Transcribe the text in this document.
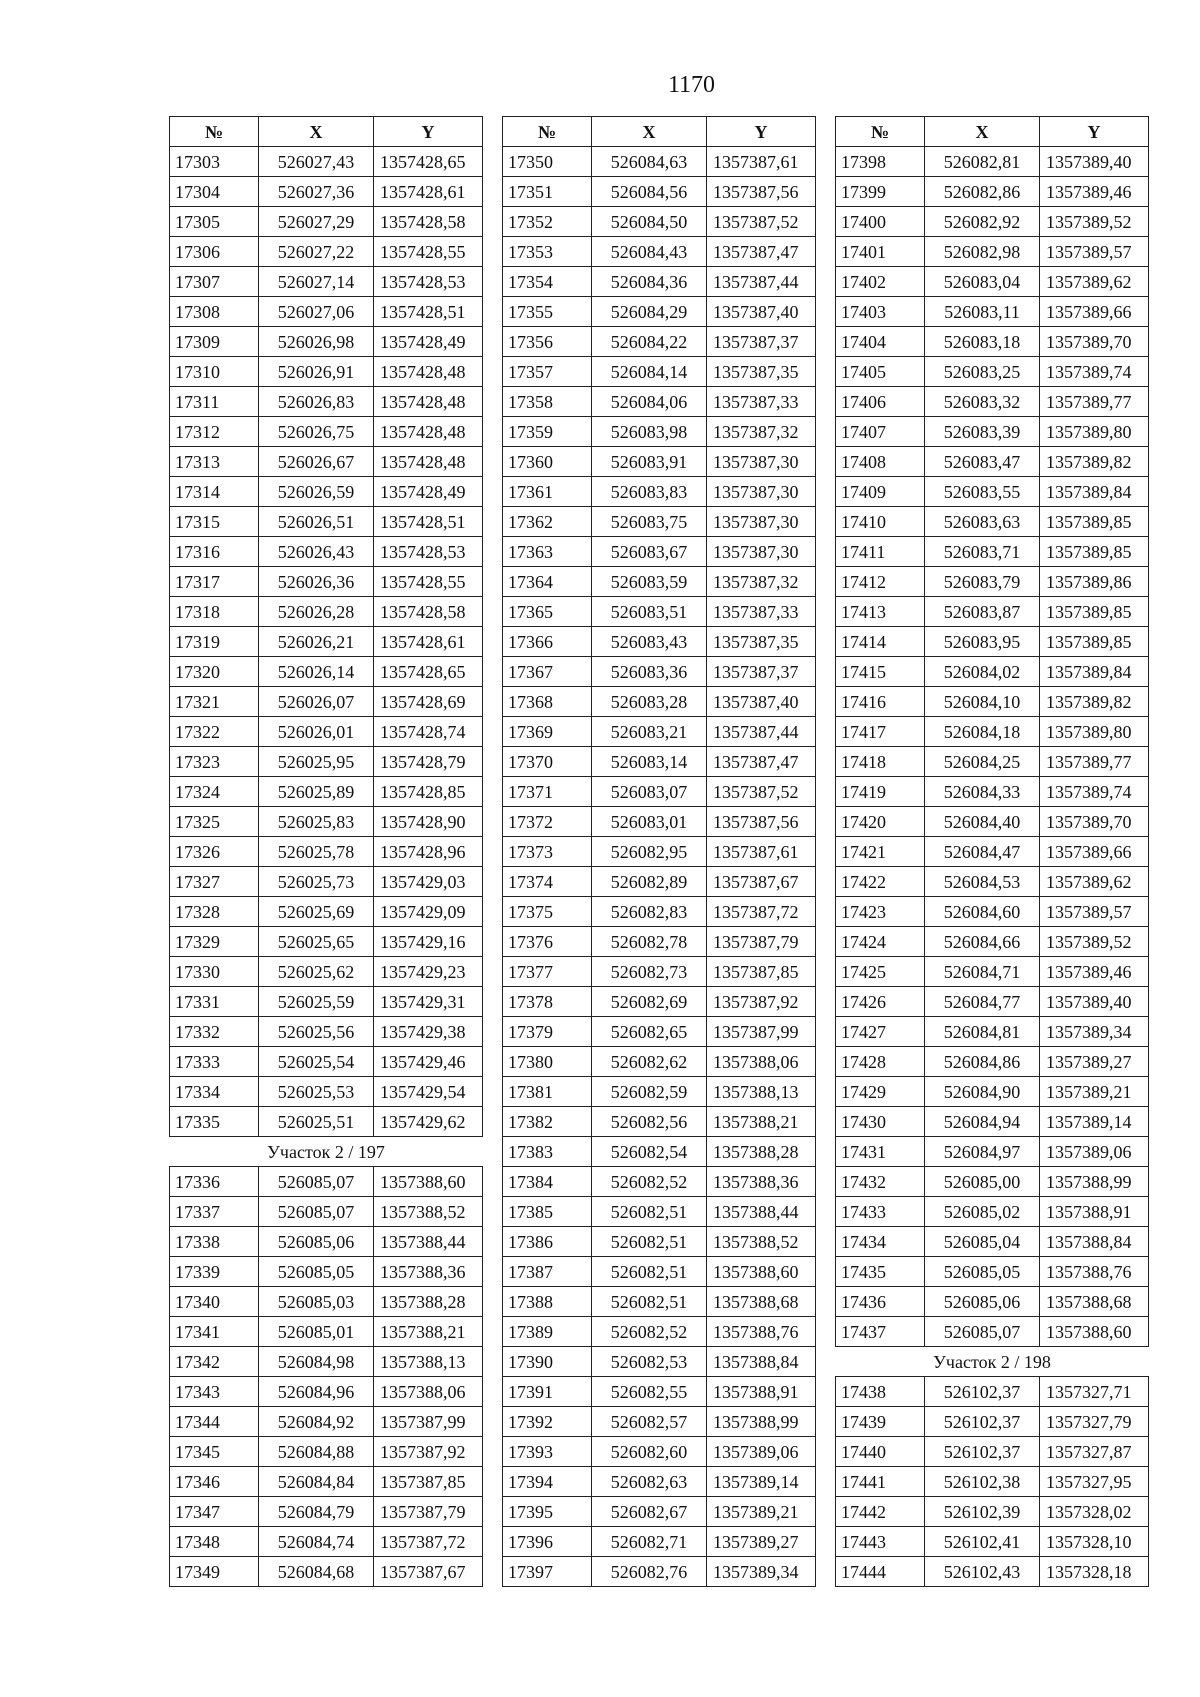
1170
№	X	Y
17303	526027,43	1357428,65
17304	526027,36	1357428,61
17305	526027,29	1357428,58
17306	526027,22	1357428,55
17307	526027,14	1357428,53
17308	526027,06	1357428,51
17309	526026,98	1357428,49
17310	526026,91	1357428,48
17311	526026,83	1357428,48
17312	526026,75	1357428,48
17313	526026,67	1357428,48
17314	526026,59	1357428,49
17315	526026,51	1357428,51
17316	526026,43	1357428,53
17317	526026,36	1357428,55
17318	526026,28	1357428,58
17319	526026,21	1357428,61
17320	526026,14	1357428,65
17321	526026,07	1357428,69
17322	526026,01	1357428,74
17323	526025,95	1357428,79
17324	526025,89	1357428,85
17325	526025,83	1357428,90
17326	526025,78	1357428,96
17327	526025,73	1357429,03
17328	526025,69	1357429,09
17329	526025,65	1357429,16
17330	526025,62	1357429,23
17331	526025,59	1357429,31
17332	526025,56	1357429,38
17333	526025,54	1357429,46
17334	526025,53	1357429,54
17335	526025,51	1357429,62
Участок 2 / 197		
17336	526085,07	1357388,60
17337	526085,07	1357388,52
17338	526085,06	1357388,44
17339	526085,05	1357388,36
17340	526085,03	1357388,28
17341	526085,01	1357388,21
17342	526084,98	1357388,13
17343	526084,96	1357388,06
17344	526084,92	1357387,99
17345	526084,88	1357387,92
17346	526084,84	1357387,85
17347	526084,79	1357387,79
17348	526084,74	1357387,72
17349	526084,68	1357387,67
№	X	Y
17350	526084,63	1357387,61
17351	526084,56	1357387,56
17352	526084,50	1357387,52
17353	526084,43	1357387,47
17354	526084,36	1357387,44
17355	526084,29	1357387,40
17356	526084,22	1357387,37
17357	526084,14	1357387,35
17358	526084,06	1357387,33
17359	526083,98	1357387,32
17360	526083,91	1357387,30
17361	526083,83	1357387,30
17362	526083,75	1357387,30
17363	526083,67	1357387,30
17364	526083,59	1357387,32
17365	526083,51	1357387,33
17366	526083,43	1357387,35
17367	526083,36	1357387,37
17368	526083,28	1357387,40
17369	526083,21	1357387,44
17370	526083,14	1357387,47
17371	526083,07	1357387,52
17372	526083,01	1357387,56
17373	526082,95	1357387,61
17374	526082,89	1357387,67
17375	526082,83	1357387,72
17376	526082,78	1357387,79
17377	526082,73	1357387,85
17378	526082,69	1357387,92
17379	526082,65	1357387,99
17380	526082,62	1357388,06
17381	526082,59	1357388,13
17382	526082,56	1357388,21
17383	526082,54	1357388,28
17384	526082,52	1357388,36
17385	526082,51	1357388,44
17386	526082,51	1357388,52
17387	526082,51	1357388,60
17388	526082,51	1357388,68
17389	526082,52	1357388,76
17390	526082,53	1357388,84
17391	526082,55	1357388,91
17392	526082,57	1357388,99
17393	526082,60	1357389,06
17394	526082,63	1357389,14
17395	526082,67	1357389,21
17396	526082,71	1357389,27
17397	526082,76	1357389,34
№	X	Y
17398	526082,81	1357389,40
17399	526082,86	1357389,46
17400	526082,92	1357389,52
17401	526082,98	1357389,57
17402	526083,04	1357389,62
17403	526083,11	1357389,66
17404	526083,18	1357389,70
17405	526083,25	1357389,74
17406	526083,32	1357389,77
17407	526083,39	1357389,80
17408	526083,47	1357389,82
17409	526083,55	1357389,84
17410	526083,63	1357389,85
17411	526083,71	1357389,85
17412	526083,79	1357389,86
17413	526083,87	1357389,85
17414	526083,95	1357389,85
17415	526084,02	1357389,84
17416	526084,10	1357389,82
17417	526084,18	1357389,80
17418	526084,25	1357389,77
17419	526084,33	1357389,74
17420	526084,40	1357389,70
17421	526084,47	1357389,66
17422	526084,53	1357389,62
17423	526084,60	1357389,57
17424	526084,66	1357389,52
17425	526084,71	1357389,46
17426	526084,77	1357389,40
17427	526084,81	1357389,34
17428	526084,86	1357389,27
17429	526084,90	1357389,21
17430	526084,94	1357389,14
17431	526084,97	1357389,06
17432	526085,00	1357388,99
17433	526085,02	1357388,91
17434	526085,04	1357388,84
17435	526085,05	1357388,76
17436	526085,06	1357388,68
17437	526085,07	1357388,60
Участок 2 / 198		
17438	526102,37	1357327,71
17439	526102,37	1357327,79
17440	526102,37	1357327,87
17441	526102,38	1357327,95
17442	526102,39	1357328,02
17443	526102,41	1357328,10
17444	526102,43	1357328,18
